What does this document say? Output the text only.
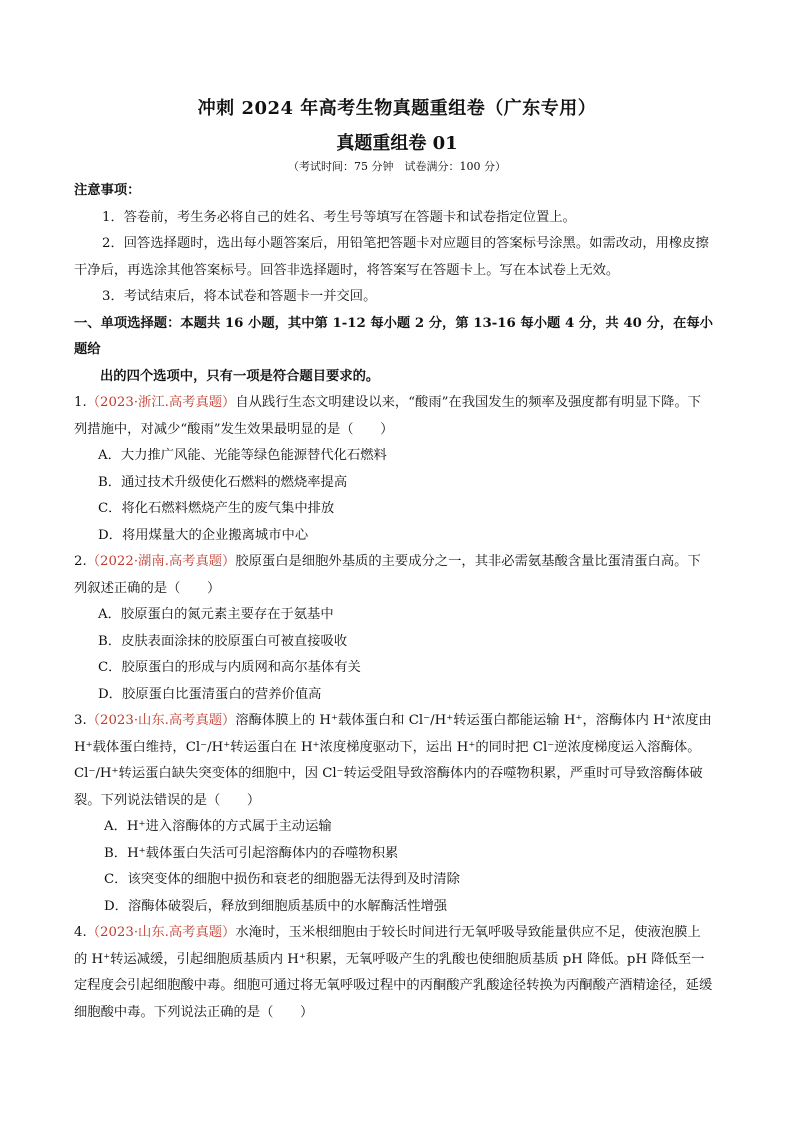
冲刺 2024 年高考生物真题重组卷（广东专用）
真题重组卷 01
（考试时间：75 分钟　试卷满分：100 分）

注意事项：

1．答卷前，考生务必将自己的姓名、考生号等填写在答题卡和试卷指定位置上。

2．回答选择题时，选出每小题答案后，用铅笔把答题卡对应题目的答案标号涂黑。如需改动，用橡皮擦干净后，再选涂其他答案标号。回答非选择题时，将答案写在答题卡上。写在本试卷上无效。

3．考试结束后，将本试卷和答题卡一并交回。

一、单项选择题：本题共 16 小题，其中第 1-12 每小题 2 分，第 13-16 每小题 4 分，共 40 分，在每小题给

出的四个选项中，只有一项是符合题目要求的。

1.（2023·浙江.高考真题）自从践行生态文明建设以来，“酸雨”在我国发生的频率及强度都有明显下降。下列措施中，对减少“酸雨”发生效果最明显的是（　　）

A．大力推广风能、光能等绿色能源替代化石燃料

B．通过技术升级使化石燃料的燃烧率提高

C．将化石燃料燃烧产生的废气集中排放

D．将用煤量大的企业搬离城市中心

2.（2022·湖南.高考真题）胶原蛋白是细胞外基质的主要成分之一，其非必需氨基酸含量比蛋清蛋白高。下列叙述正确的是（　　）

A．胶原蛋白的氮元素主要存在于氨基中

B．皮肤表面涂抹的胶原蛋白可被直接吸收

C．胶原蛋白的形成与内质网和高尔基体有关

D．胶原蛋白比蛋清蛋白的营养价值高

3.（2023·山东.高考真题）溶酶体膜上的 H⁺载体蛋白和 Cl⁻/H⁺转运蛋白都能运输 H⁺，溶酶体内 H⁺浓度由 H⁺载体蛋白维持，Cl⁻/H⁺转运蛋白在 H⁺浓度梯度驱动下，运出 H⁺的同时把 Cl⁻逆浓度梯度运入溶酶体。Cl⁻/H⁺转运蛋白缺失突变体的细胞中，因 Cl⁻转运受阻导致溶酶体内的吞噬物积累，严重时可导致溶酶体破裂。下列说法错误的是（　　）

A．H⁺进入溶酶体的方式属于主动运输

B．H⁺载体蛋白失活可引起溶酶体内的吞噬物积累

C．该突变体的细胞中损伤和衰老的细胞器无法得到及时清除

D．溶酶体破裂后，释放到细胞质基质中的水解酶活性增强

4.（2023·山东.高考真题）水淹时，玉米根细胞由于较长时间进行无氧呼吸导致能量供应不足，使液泡膜上的 H⁺转运减缓，引起细胞质基质内 H⁺积累，无氧呼吸产生的乳酸也使细胞质基质 pH 降低。pH 降低至一定程度会引起细胞酸中毒。细胞可通过将无氧呼吸过程中的丙酮酸产乳酸途径转换为丙酮酸产酒精途径，延缓细胞酸中毒。下列说法正确的是（　　）
